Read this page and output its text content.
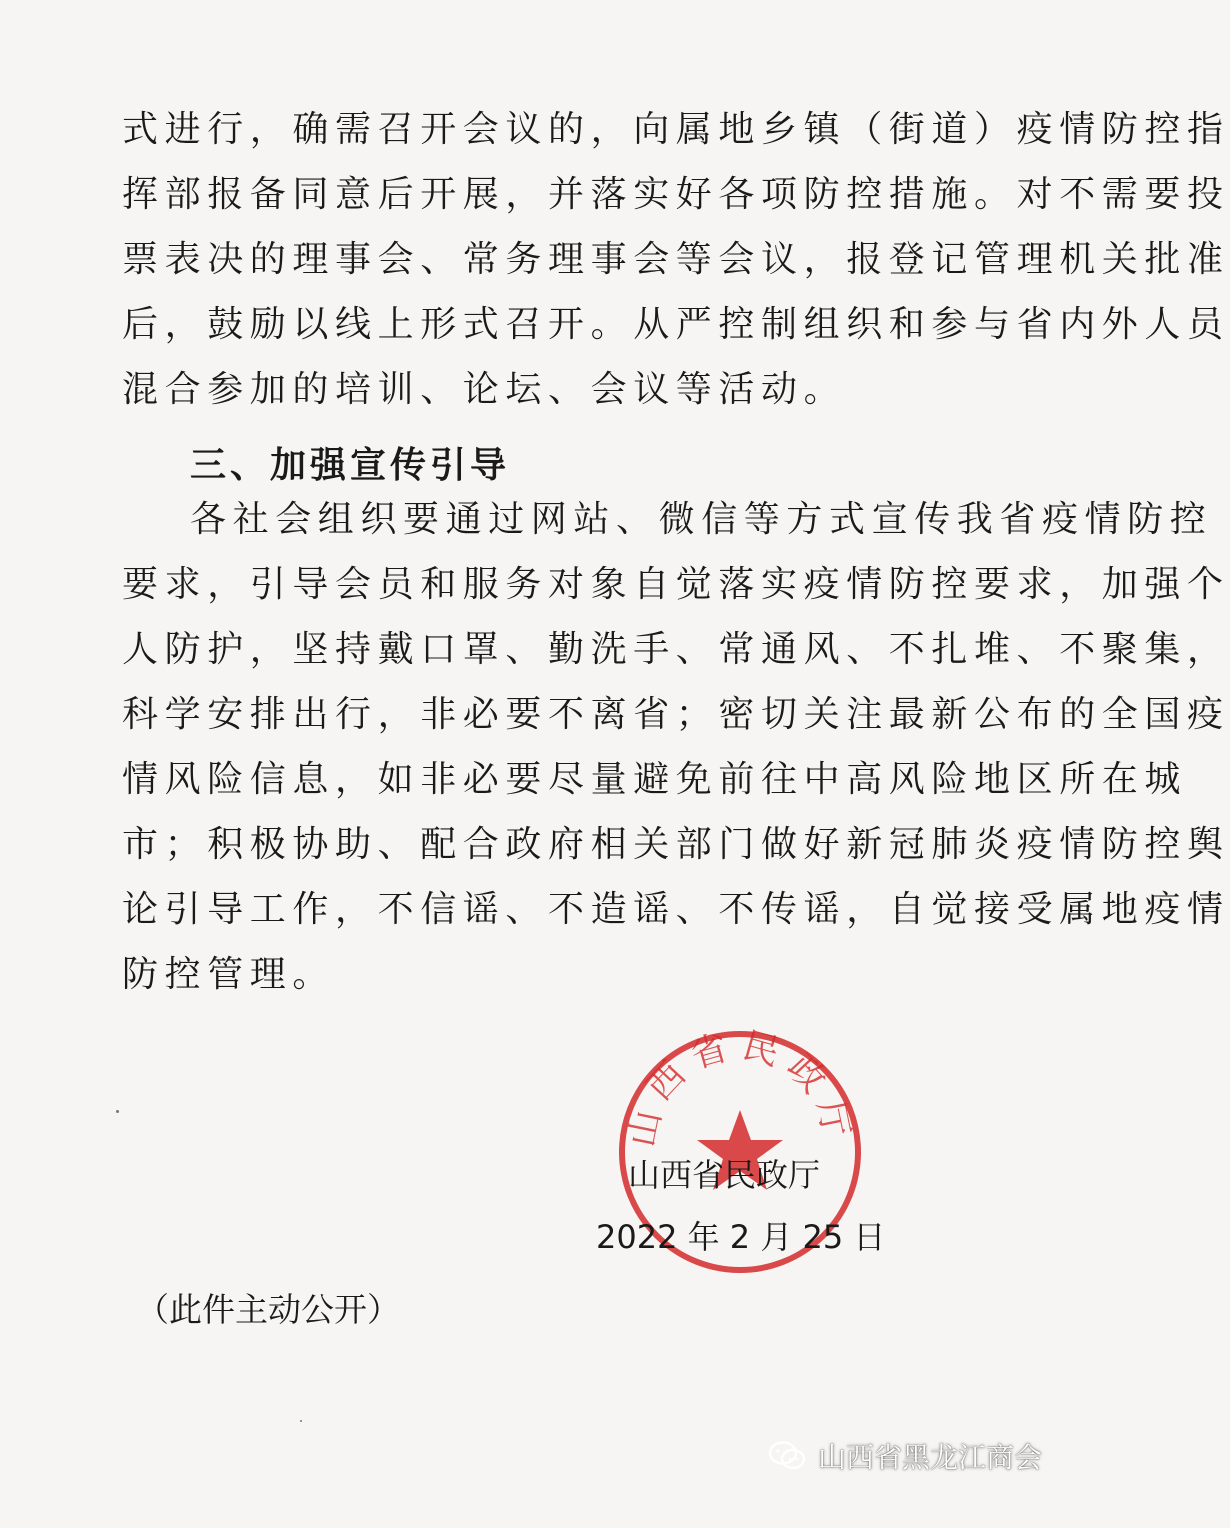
式进行，确需召开会议的，向属地乡镇（街道）疫情防控指
挥部报备同意后开展，并落实好各项防控措施。对不需要投
票表决的理事会、常务理事会等会议，报登记管理机关批准
后，鼓励以线上形式召开。从严控制组织和参与省内外人员
混合参加的培训、论坛、会议等活动。
三、加强宣传引导
各社会组织要通过网站、微信等方式宣传我省疫情防控
要求，引导会员和服务对象自觉落实疫情防控要求，加强个
人防护，坚持戴口罩、勤洗手、常通风、不扎堆、不聚集，
科学安排出行，非必要不离省；密切关注最新公布的全国疫
情风险信息，如非必要尽量避免前往中高风险地区所在城
市；积极协助、配合政府相关部门做好新冠肺炎疫情防控舆
论引导工作，不信谣、不造谣、不传谣，自觉接受属地疫情
防控管理。
山西省民政厅
山西省民政厅
2022 年 2 月 25 日
（此件主动公开）
山西省黑龙江商会
